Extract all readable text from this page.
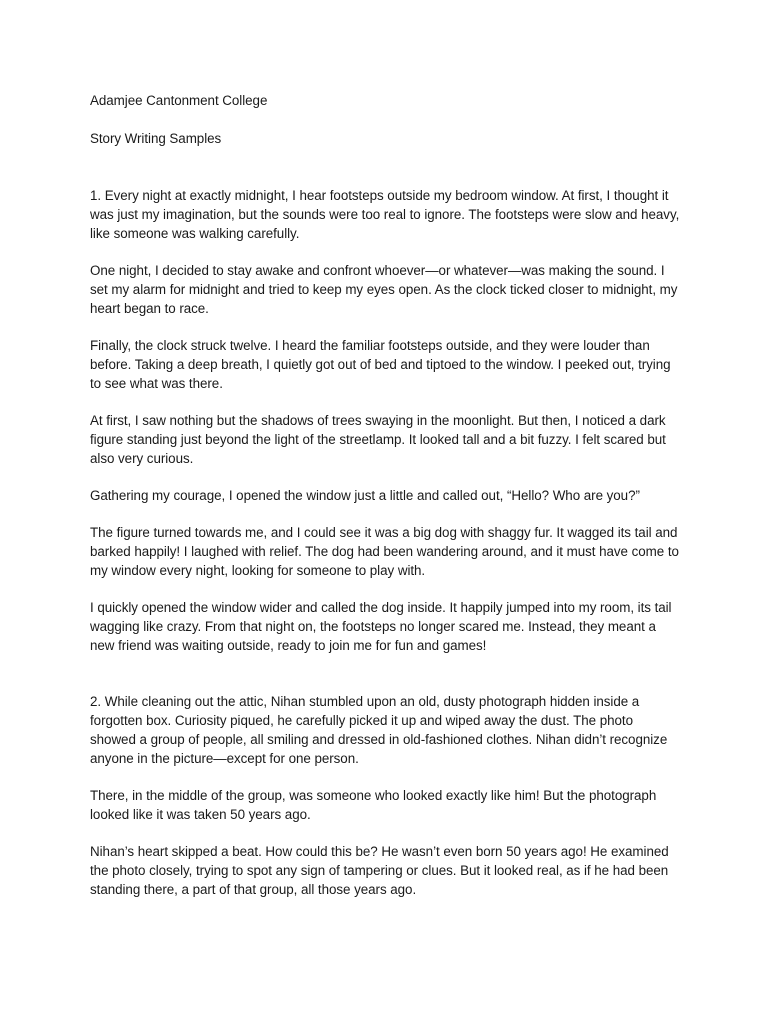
Adamjee Cantonment College

Story Writing Samples

1. Every night at exactly midnight, I hear footsteps outside my bedroom window. At first, I thought it was just my imagination, but the sounds were too real to ignore. The footsteps were slow and heavy, like someone was walking carefully.

One night, I decided to stay awake and confront whoever—or whatever—was making the sound. I set my alarm for midnight and tried to keep my eyes open. As the clock ticked closer to midnight, my heart began to race.

Finally, the clock struck twelve. I heard the familiar footsteps outside, and they were louder than before. Taking a deep breath, I quietly got out of bed and tiptoed to the window. I peeked out, trying to see what was there.

At first, I saw nothing but the shadows of trees swaying in the moonlight. But then, I noticed a dark figure standing just beyond the light of the streetlamp. It looked tall and a bit fuzzy. I felt scared but also very curious.

Gathering my courage, I opened the window just a little and called out, “Hello? Who are you?”

The figure turned towards me, and I could see it was a big dog with shaggy fur. It wagged its tail and barked happily! I laughed with relief. The dog had been wandering around, and it must have come to my window every night, looking for someone to play with.

I quickly opened the window wider and called the dog inside. It happily jumped into my room, its tail wagging like crazy. From that night on, the footsteps no longer scared me. Instead, they meant a new friend was waiting outside, ready to join me for fun and games!

2. While cleaning out the attic, Nihan stumbled upon an old, dusty photograph hidden inside a forgotten box. Curiosity piqued, he carefully picked it up and wiped away the dust. The photo showed a group of people, all smiling and dressed in old-fashioned clothes. Nihan didn’t recognize anyone in the picture—except for one person.

There, in the middle of the group, was someone who looked exactly like him! But the photograph looked like it was taken 50 years ago.

Nihan’s heart skipped a beat. How could this be? He wasn’t even born 50 years ago! He examined the photo closely, trying to spot any sign of tampering or clues. But it looked real, as if he had been standing there, a part of that group, all those years ago.
